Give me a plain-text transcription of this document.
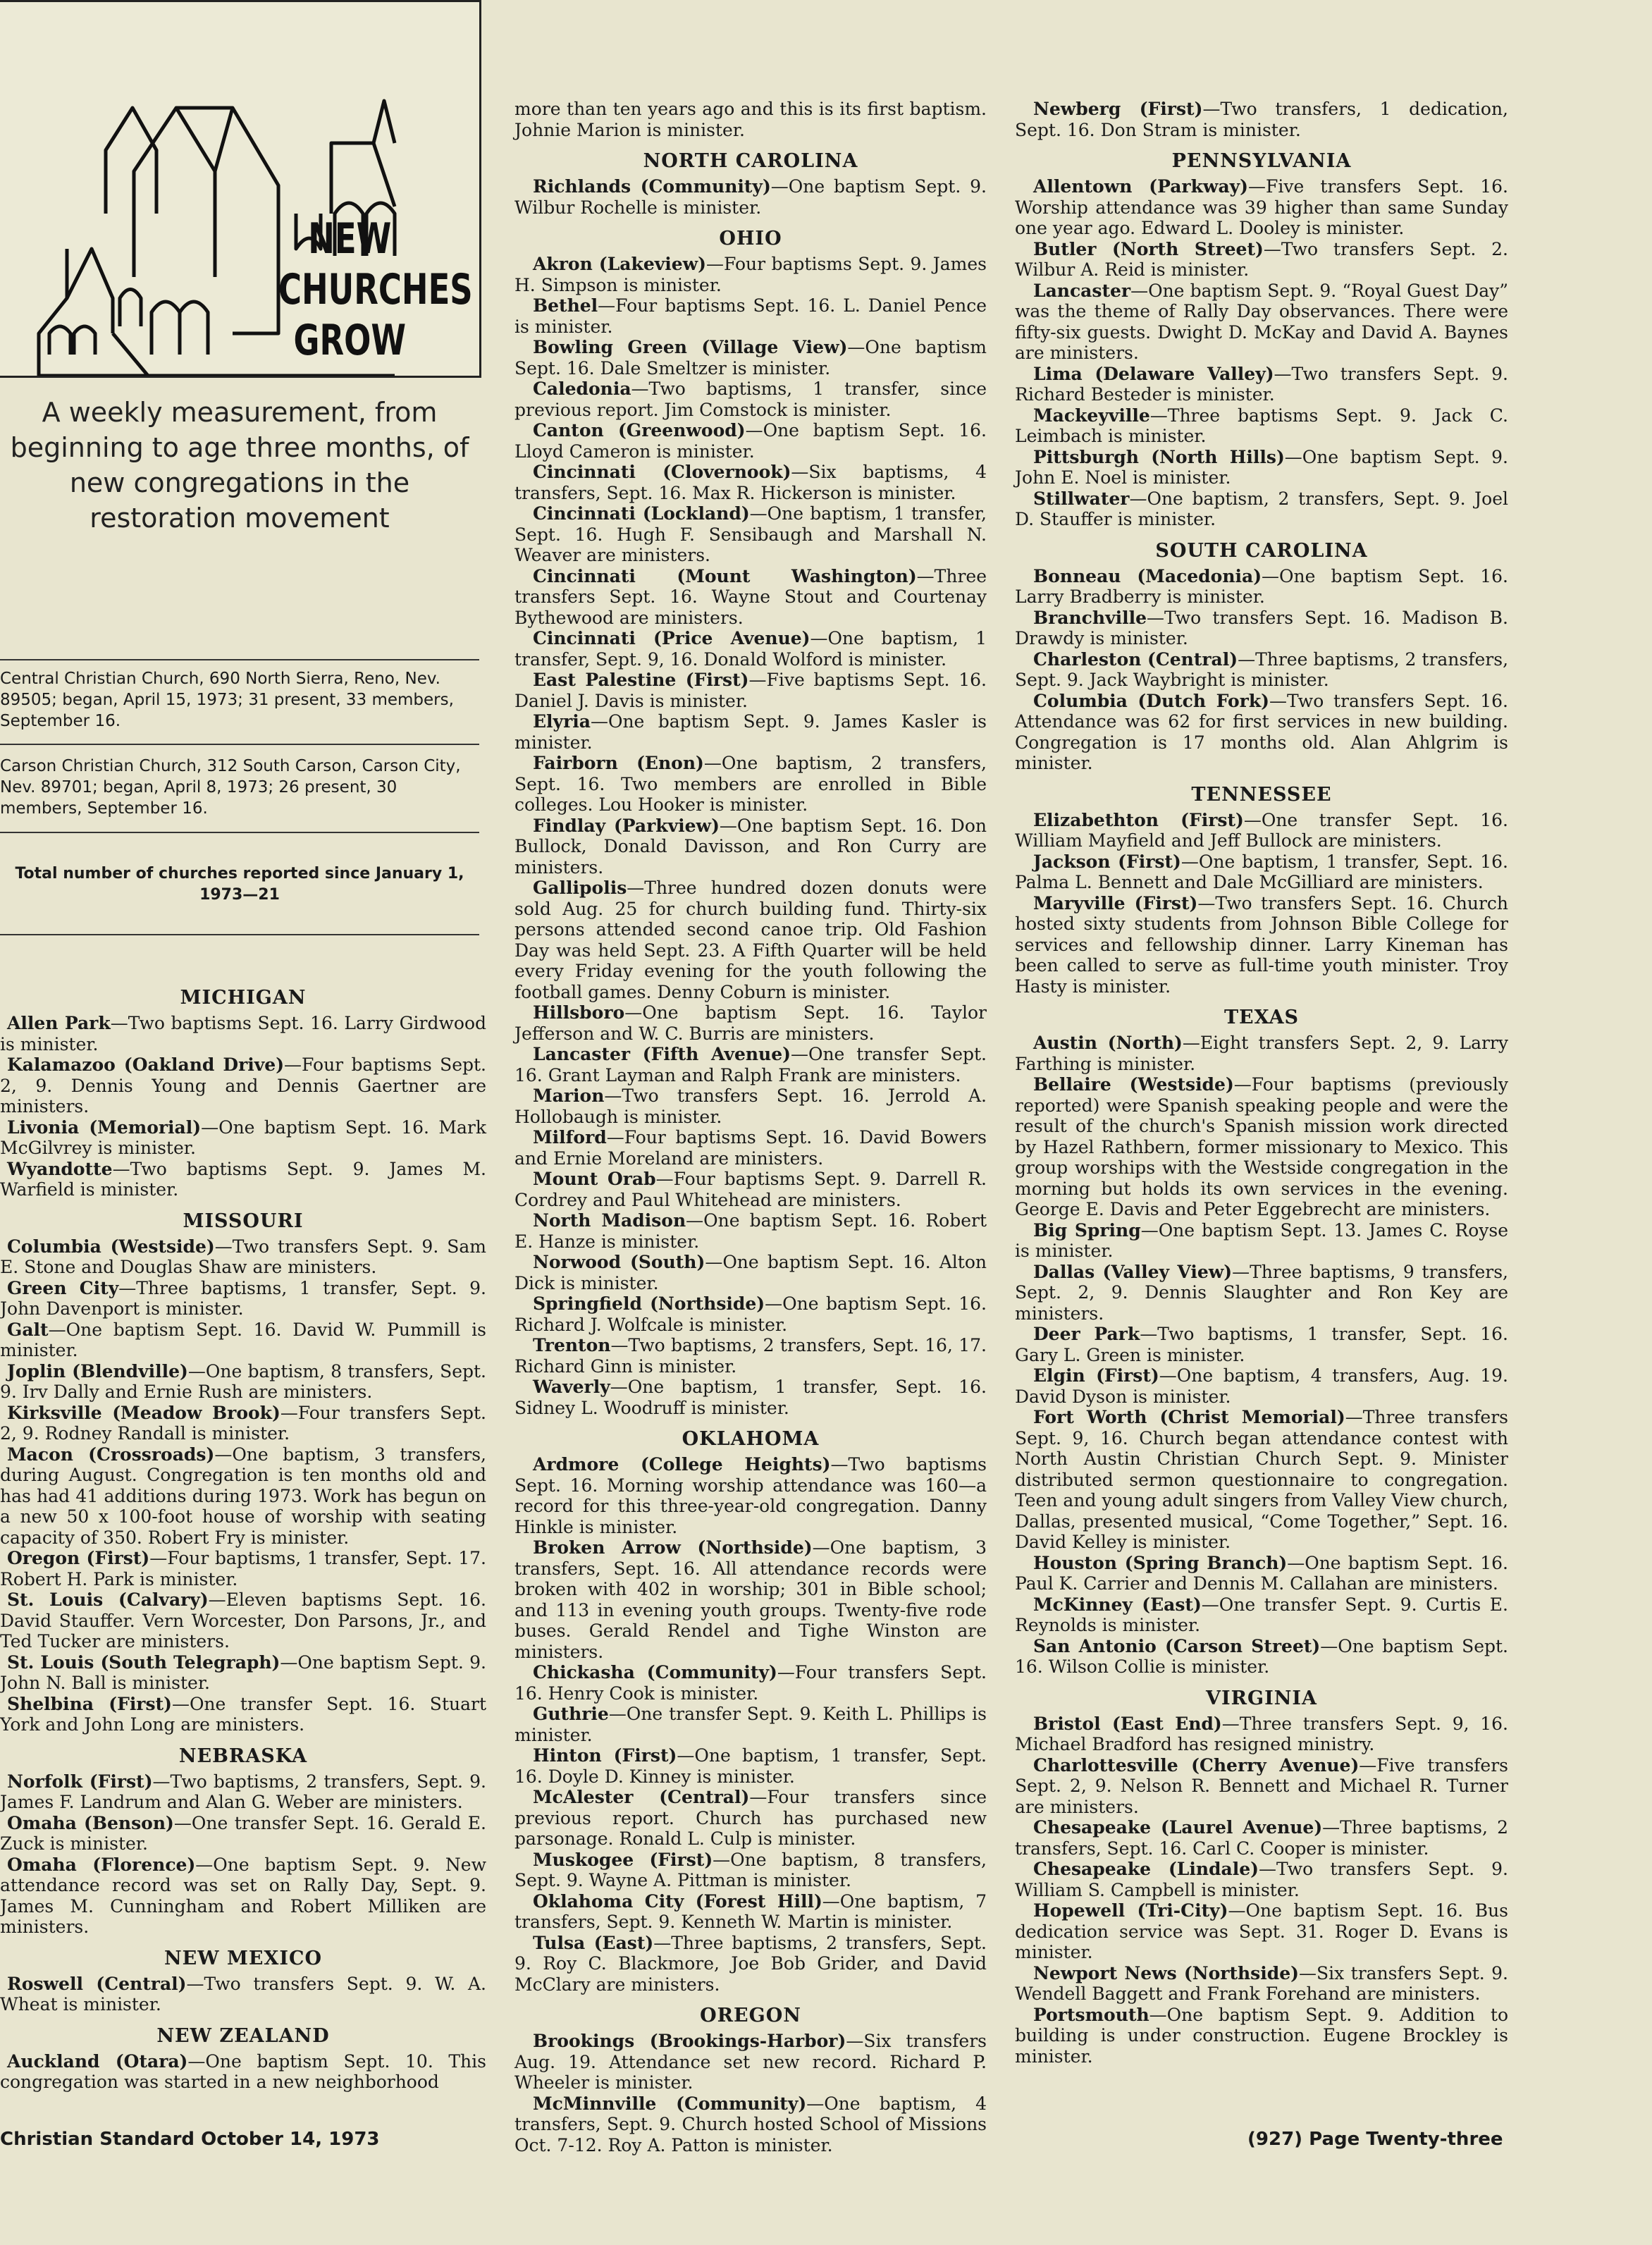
NEW
CHURCHES
GROW
A weekly measurement, from beginning to age three months, of new congregations in the restoration movement
Central Christian Church, 690 North Sierra, Reno, Nev. 89505; began, April 15, 1973; 31 present, 33 members, September 16.
Carson Christian Church, 312 South Carson, Carson City, Nev. 89701; began, April 8, 1973; 26 present, 30 members, September 16.
Total number of churches reported since January 1, 1973—21
MICHIGAN

Allen Park—Two baptisms Sept. 16. Larry Girdwood is minister.

Kalamazoo (Oakland Drive)—Four baptisms Sept. 2, 9. Dennis Young and Dennis Gaertner are ministers.

Livonia (Memorial)—One baptism Sept. 16. Mark McGilvrey is minister.

Wyandotte—Two baptisms Sept. 9. James M. Warfield is minister.

MISSOURI

Columbia (Westside)—Two transfers Sept. 9. Sam E. Stone and Douglas Shaw are ministers.

Green City—Three baptisms, 1 transfer, Sept. 9. John Davenport is minister.

Galt—One baptism Sept. 16. David W. Pummill is minister.

Joplin (Blendville)—One baptism, 8 transfers, Sept. 9. Irv Dally and Ernie Rush are ministers.

Kirksville (Meadow Brook)—Four transfers Sept. 2, 9. Rodney Randall is minister.

Macon (Crossroads)—One baptism, 3 transfers, during August. Congregation is ten months old and has had 41 additions during 1973. Work has begun on a new 50 x 100-foot house of worship with seating capacity of 350. Robert Fry is minister.

Oregon (First)—Four baptisms, 1 transfer, Sept. 17. Robert H. Park is minister.

St. Louis (Calvary)—Eleven baptisms Sept. 16. David Stauffer. Vern Worcester, Don Parsons, Jr., and Ted Tucker are ministers.

St. Louis (South Telegraph)—One baptism Sept. 9. John N. Ball is minister.

Shelbina (First)—One transfer Sept. 16. Stuart York and John Long are ministers.

NEBRASKA

Norfolk (First)—Two baptisms, 2 transfers, Sept. 9. James F. Landrum and Alan G. Weber are ministers.

Omaha (Benson)—One transfer Sept. 16. Gerald E. Zuck is minister.

Omaha (Florence)—One baptism Sept. 9. New attendance record was set on Rally Day, Sept. 9. James M. Cunningham and Robert Milliken are ministers.

NEW MEXICO

Roswell (Central)—Two transfers Sept. 9. W. A. Wheat is minister.

NEW ZEALAND

Auckland (Otara)—One baptism Sept. 10. This congregation was started in a new neighborhood

more than ten years ago and this is its first baptism. Johnie Marion is minister.

NORTH CAROLINA

Richlands (Community)—One baptism Sept. 9. Wilbur Rochelle is minister.

OHIO

Akron (Lakeview)—Four baptisms Sept. 9. James H. Simpson is minister.

Bethel—Four baptisms Sept. 16. L. Daniel Pence is minister.

Bowling Green (Village View)—One baptism Sept. 16. Dale Smeltzer is minister.

Caledonia—Two baptisms, 1 transfer, since previous report. Jim Comstock is minister.

Canton (Greenwood)—One baptism Sept. 16. Lloyd Cameron is minister.

Cincinnati (Clovernook)—Six baptisms, 4 transfers, Sept. 16. Max R. Hickerson is minister.

Cincinnati (Lockland)—One baptism, 1 transfer, Sept. 16. Hugh F. Sensibaugh and Marshall N. Weaver are ministers.

Cincinnati (Mount Washington)—Three transfers Sept. 16. Wayne Stout and Courtenay Bythewood are ministers.

Cincinnati (Price Avenue)—One baptism, 1 transfer, Sept. 9, 16. Donald Wolford is minister.

East Palestine (First)—Five baptisms Sept. 16. Daniel J. Davis is minister.

Elyria—One baptism Sept. 9. James Kasler is minister.

Fairborn (Enon)—One baptism, 2 transfers, Sept. 16. Two members are enrolled in Bible colleges. Lou Hooker is minister.

Findlay (Parkview)—One baptism Sept. 16. Don Bullock, Donald Davisson, and Ron Curry are ministers.

Gallipolis—Three hundred dozen donuts were sold Aug. 25 for church building fund. Thirty-six persons attended second canoe trip. Old Fashion Day was held Sept. 23. A Fifth Quarter will be held every Friday evening for the youth following the football games. Denny Coburn is minister.

Hillsboro—One baptism Sept. 16. Taylor Jefferson and W. C. Burris are ministers.

Lancaster (Fifth Avenue)—One transfer Sept. 16. Grant Layman and Ralph Frank are ministers.

Marion—Two transfers Sept. 16. Jerrold A. Hollobaugh is minister.

Milford—Four baptisms Sept. 16. David Bowers and Ernie Moreland are ministers.

Mount Orab—Four baptisms Sept. 9. Darrell R. Cordrey and Paul Whitehead are ministers.

North Madison—One baptism Sept. 16. Robert E. Hanze is minister.

Norwood (South)—One baptism Sept. 16. Alton Dick is minister.

Springfield (Northside)—One baptism Sept. 16. Richard J. Wolfcale is minister.

Trenton—Two baptisms, 2 transfers, Sept. 16, 17. Richard Ginn is minister.

Waverly—One baptism, 1 transfer, Sept. 16. Sidney L. Woodruff is minister.

OKLAHOMA

Ardmore (College Heights)—Two baptisms Sept. 16. Morning worship attendance was 160—a record for this three-year-old congregation. Danny Hinkle is minister.

Broken Arrow (Northside)—One baptism, 3 transfers, Sept. 16. All attendance records were broken with 402 in worship; 301 in Bible school; and 113 in evening youth groups. Twenty-five rode buses. Gerald Rendel and Tighe Winston are ministers.

Chickasha (Community)—Four transfers Sept. 16. Henry Cook is minister.

Guthrie—One transfer Sept. 9. Keith L. Phillips is minister.

Hinton (First)—One baptism, 1 transfer, Sept. 16. Doyle D. Kinney is minister.

McAlester (Central)—Four transfers since previous report. Church has purchased new parsonage. Ronald L. Culp is minister.

Muskogee (First)—One baptism, 8 transfers, Sept. 9. Wayne A. Pittman is minister.

Oklahoma City (Forest Hill)—One baptism, 7 transfers, Sept. 9. Kenneth W. Martin is minister.

Tulsa (East)—Three baptisms, 2 transfers, Sept. 9. Roy C. Blackmore, Joe Bob Grider, and David McClary are ministers.

OREGON

Brookings (Brookings-Harbor)—Six transfers Aug. 19. Attendance set new record. Richard P. Wheeler is minister.

McMinnville (Community)—One baptism, 4 transfers, Sept. 9. Church hosted School of Missions Oct. 7-12. Roy A. Patton is minister.

Newberg (First)—Two transfers, 1 dedication, Sept. 16. Don Stram is minister.

PENNSYLVANIA

Allentown (Parkway)—Five transfers Sept. 16. Worship attendance was 39 higher than same Sunday one year ago. Edward L. Dooley is minister.

Butler (North Street)—Two transfers Sept. 2. Wilbur A. Reid is minister.

Lancaster—One baptism Sept. 9. “Royal Guest Day” was the theme of Rally Day observances. There were fifty-six guests. Dwight D. McKay and David A. Baynes are ministers.

Lima (Delaware Valley)—Two transfers Sept. 9. Richard Besteder is minister.

Mackeyville—Three baptisms Sept. 9. Jack C. Leimbach is minister.

Pittsburgh (North Hills)—One baptism Sept. 9. John E. Noel is minister.

Stillwater—One baptism, 2 transfers, Sept. 9. Joel D. Stauffer is minister.

SOUTH CAROLINA

Bonneau (Macedonia)—One baptism Sept. 16. Larry Bradberry is minister.

Branchville—Two transfers Sept. 16. Madison B. Drawdy is minister.

Charleston (Central)—Three baptisms, 2 transfers, Sept. 9. Jack Waybright is minister.

Columbia (Dutch Fork)—Two transfers Sept. 16. Attendance was 62 for first services in new building. Congregation is 17 months old. Alan Ahlgrim is minister.

TENNESSEE

Elizabethton (First)—One transfer Sept. 16. William Mayfield and Jeff Bullock are ministers.

Jackson (First)—One baptism, 1 transfer, Sept. 16. Palma L. Bennett and Dale McGilliard are ministers.

Maryville (First)—Two transfers Sept. 16. Church hosted sixty students from Johnson Bible College for services and fellowship dinner. Larry Kineman has been called to serve as full-time youth minister. Troy Hasty is minister.

TEXAS

Austin (North)—Eight transfers Sept. 2, 9. Larry Farthing is minister.

Bellaire (Westside)—Four baptisms (previously reported) were Spanish speaking people and were the result of the church's Spanish mission work directed by Hazel Rathbern, former missionary to Mexico. This group worships with the Westside congregation in the morning but holds its own services in the evening. George E. Davis and Peter Eggebrecht are ministers.

Big Spring—One baptism Sept. 13. James C. Royse is minister.

Dallas (Valley View)—Three baptisms, 9 transfers, Sept. 2, 9. Dennis Slaughter and Ron Key are ministers.

Deer Park—Two baptisms, 1 transfer, Sept. 16. Gary L. Green is minister.

Elgin (First)—One baptism, 4 transfers, Aug. 19. David Dyson is minister.

Fort Worth (Christ Memorial)—Three transfers Sept. 9, 16. Church began attendance contest with North Austin Christian Church Sept. 9. Minister distributed sermon questionnaire to congregation. Teen and young adult singers from Valley View church, Dallas, presented musical, “Come Together,” Sept. 16. David Kelley is minister.

Houston (Spring Branch)—One baptism Sept. 16. Paul K. Carrier and Dennis M. Callahan are ministers.

McKinney (East)—One transfer Sept. 9. Curtis E. Reynolds is minister.

San Antonio (Carson Street)—One baptism Sept. 16. Wilson Collie is minister.

VIRGINIA

Bristol (East End)—Three transfers Sept. 9, 16. Michael Bradford has resigned ministry.

Charlottesville (Cherry Avenue)—Five transfers Sept. 2, 9. Nelson R. Bennett and Michael R. Turner are ministers.

Chesapeake (Laurel Avenue)—Three baptisms, 2 transfers, Sept. 16. Carl C. Cooper is minister.

Chesapeake (Lindale)—Two transfers Sept. 9. William S. Campbell is minister.

Hopewell (Tri-City)—One baptism Sept. 16. Bus dedication service was Sept. 31. Roger D. Evans is minister.

Newport News (Northside)—Six transfers Sept. 9. Wendell Baggett and Frank Forehand are ministers.

Portsmouth—One baptism Sept. 9. Addition to building is under construction. Eugene Brockley is minister.

Christian Standard October 14, 1973	(927) Page Twenty-three
